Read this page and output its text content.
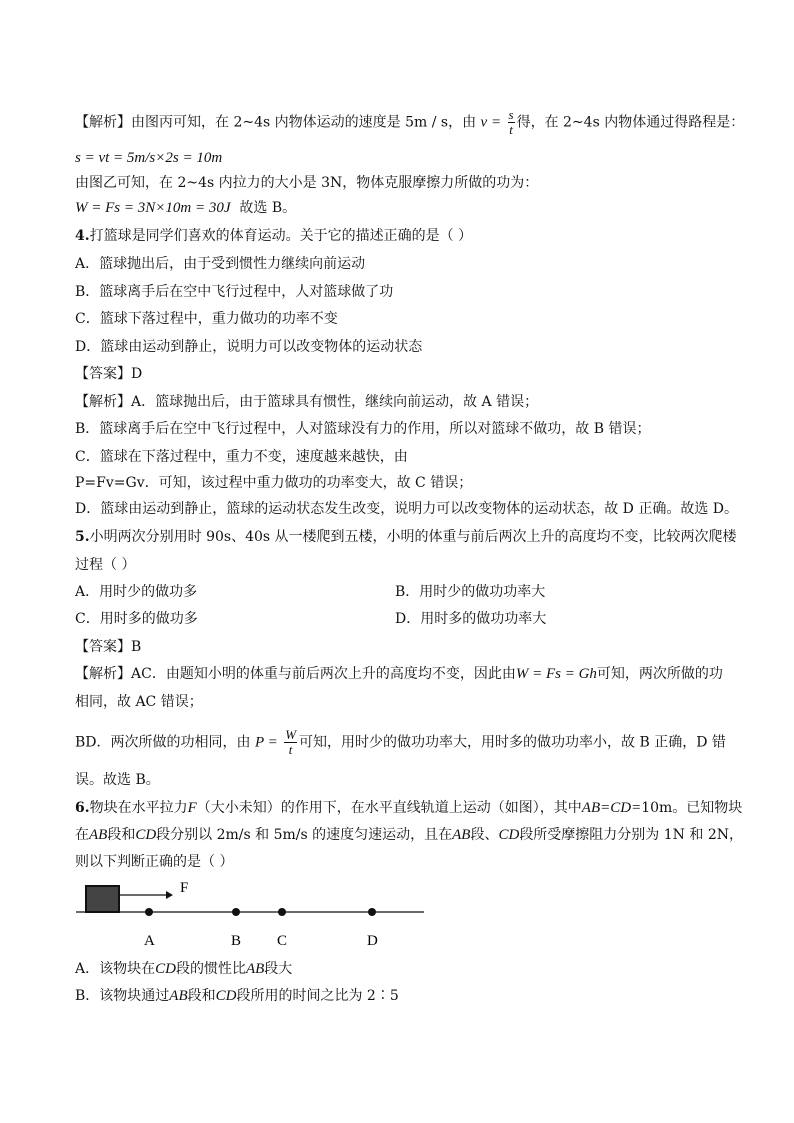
【解析】由图丙可知，在 2~4s 内物体运动的速度是 5m / s，由 $v = \frac{s}{t}$ 得，在 2~4s 内物体通过得路程是：
s = vt = 5m/s×2s = 10m
由图乙可知，在 2~4s 内拉力的大小是 3N，物体克服摩擦力所做的功为：
W = Fs = 3N×10m = 30J 故选 B。
4.打篮球是同学们喜欢的体育运动。关于它的描述正确的是（ ）
A．篮球抛出后，由于受到惯性力继续向前运动
B．篮球离手后在空中飞行过程中，人对篮球做了功
C．篮球下落过程中，重力做功的功率不变
D．篮球由运动到静止，说明力可以改变物体的运动状态
【答案】D
【解析】A．篮球抛出后，由于篮球具有惯性，继续向前运动，故 A 错误；
B．篮球离手后在空中飞行过程中，人对篮球没有力的作用，所以对篮球不做功，故 B 错误；
C．篮球在下落过程中，重力不变，速度越来越快，由
P=Fv=Gv．可知，该过程中重力做功的功率变大，故 C 错误；
D．篮球由运动到静止，篮球的运动状态发生改变，说明力可以改变物体的运动状态，故 D 正确。故选 D。
5.小明两次分别用时 90s、40s 从一楼爬到五楼，小明的体重与前后两次上升的高度均不变，比较两次爬楼
过程（ ）
A．用时少的做功多	B．用时少的做功功率大
C．用时多的做功多	D．用时多的做功功率大
【答案】B
【解析】AC．由题知小明的体重与前后两次上升的高度均不变，因此由W = Fs = Gh可知，两次所做的功
相同，故 AC 错误；
BD．两次所做的功相同，由 $P = \frac{W}{t}$ 可知，用时少的做功功率大，用时多的做功功率小，故 B 正确，D 错
误。故选 B。
6.物块在水平拉力F（大小未知）的作用下，在水平直线轨道上运动（如图），其中AB=CD=10m。已知物块
在AB段和CD段分别以 2m/s 和 5m/s 的速度匀速运动，且在AB段、CD段所受摩擦阻力分别为 1N 和 2N，
则以下判断正确的是（ ）
F
A	B C	D
A．该物块在CD段的惯性比AB段大
B．该物块通过AB段和CD段所用的时间之比为 2∶5
